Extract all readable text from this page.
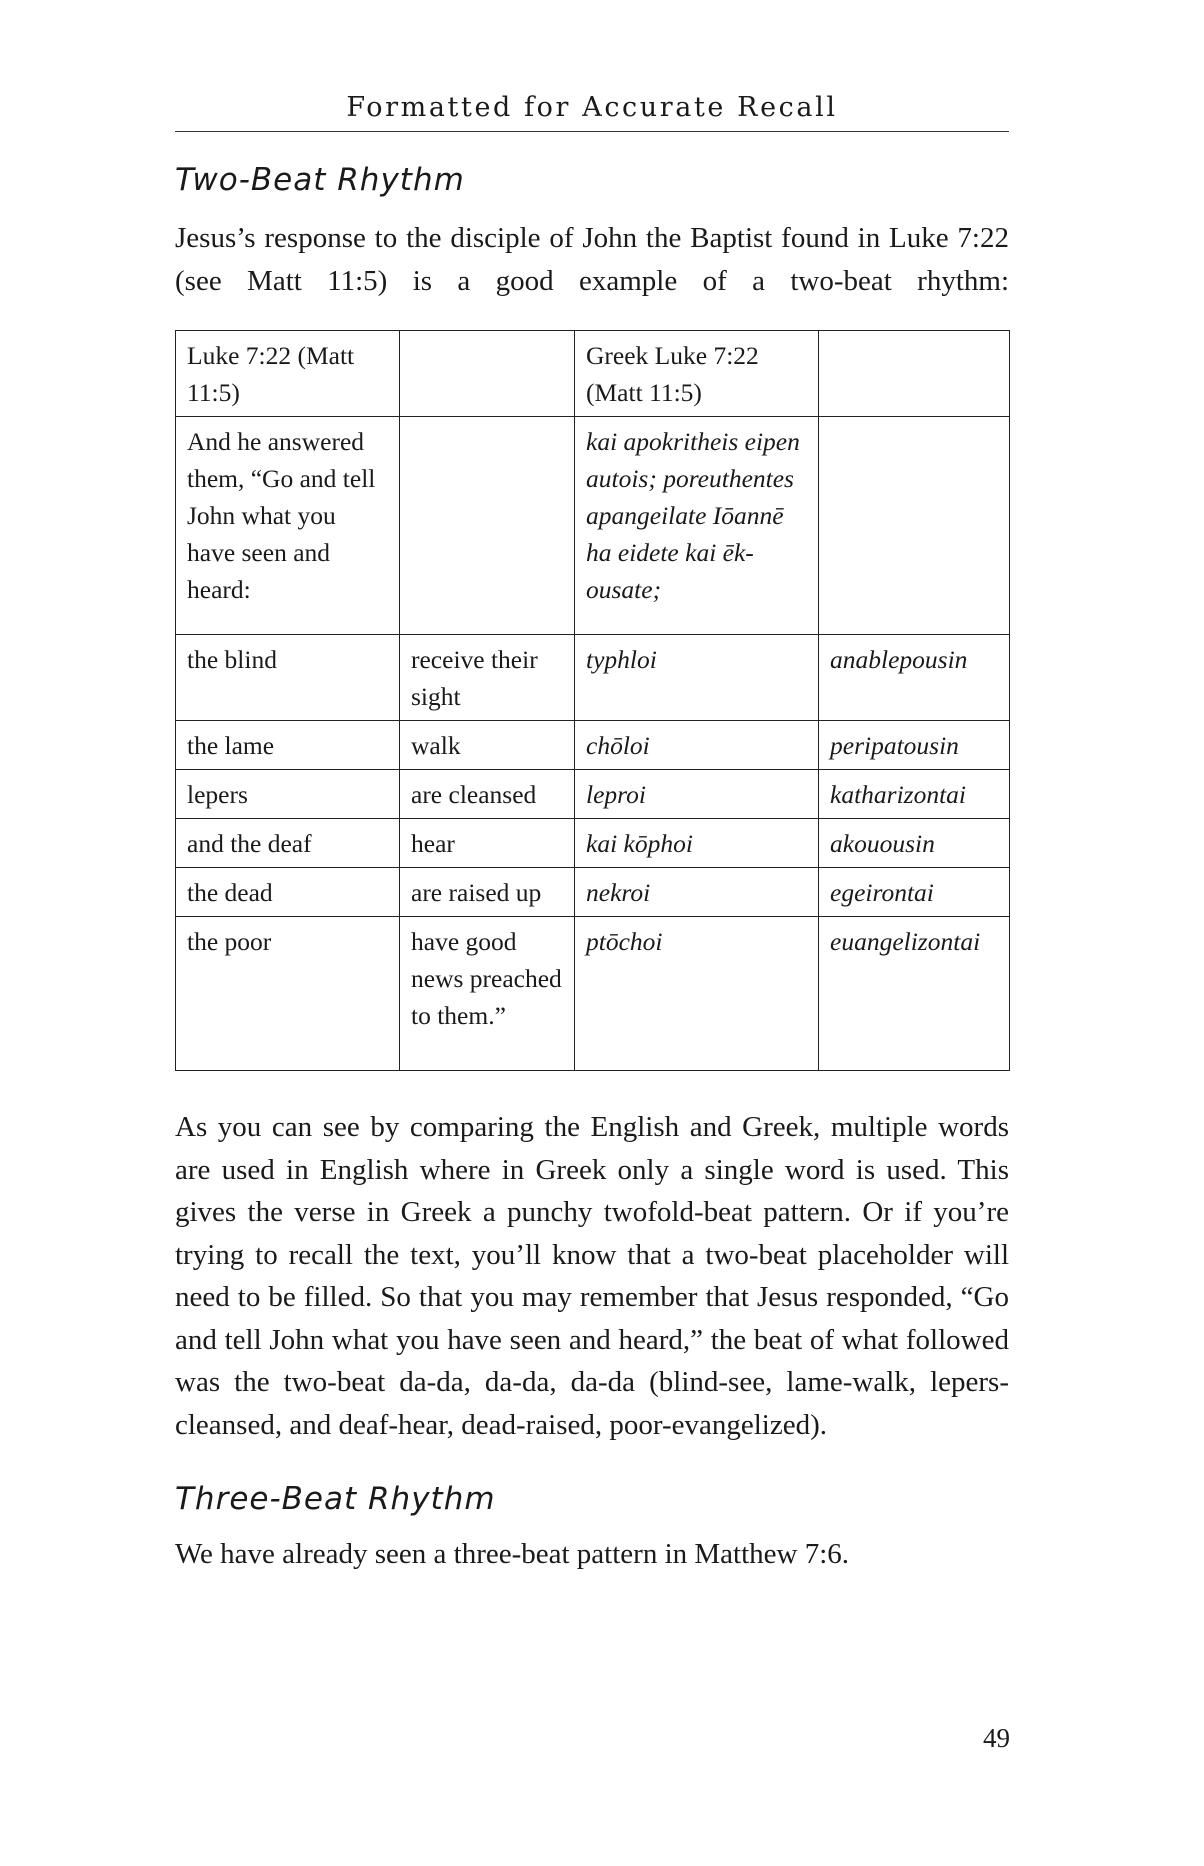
Formatted for Accurate Recall
Two-Beat Rhythm

Jesus’s response to the disciple of John the Baptist found in Luke 7:22 (see Matt 11:5) is a good example of a two-beat rhythm:

Luke 7:22 (Matt 11:5)		Greek Luke 7:22 (Matt 11:5)	
And he answered them, “Go and tell John what you have seen and heard:		kai apokritheis eipen autois; poreuthentes apangeilate Iōannē ha eidete kai ēk-ousate;	
the blind	receive their sight	typhloi	anablepousin
the lame	walk	chōloi	peripatousin
lepers	are cleansed	leproi	katharizontai
and the deaf	hear	kai kōphoi	akouousin
the dead	are raised up	nekroi	egeirontai
the poor	have good news preached to them.”	ptōchoi	euangelizontai

As you can see by comparing the English and Greek, multiple words are used in English where in Greek only a single word is used. This gives the verse in Greek a punchy twofold-beat pattern. Or if you’re trying to recall the text, you’ll know that a two-beat placeholder will need to be filled. So that you may remember that Jesus responded, “Go and tell John what you have seen and heard,” the beat of what followed was the two-beat da-da, da-da, da-da (blind-see, lame-walk, lepers-cleansed, and deaf-hear, dead-raised, poor-evangelized).

Three-Beat Rhythm

We have already seen a three-beat pattern in Matthew 7:6.

49
